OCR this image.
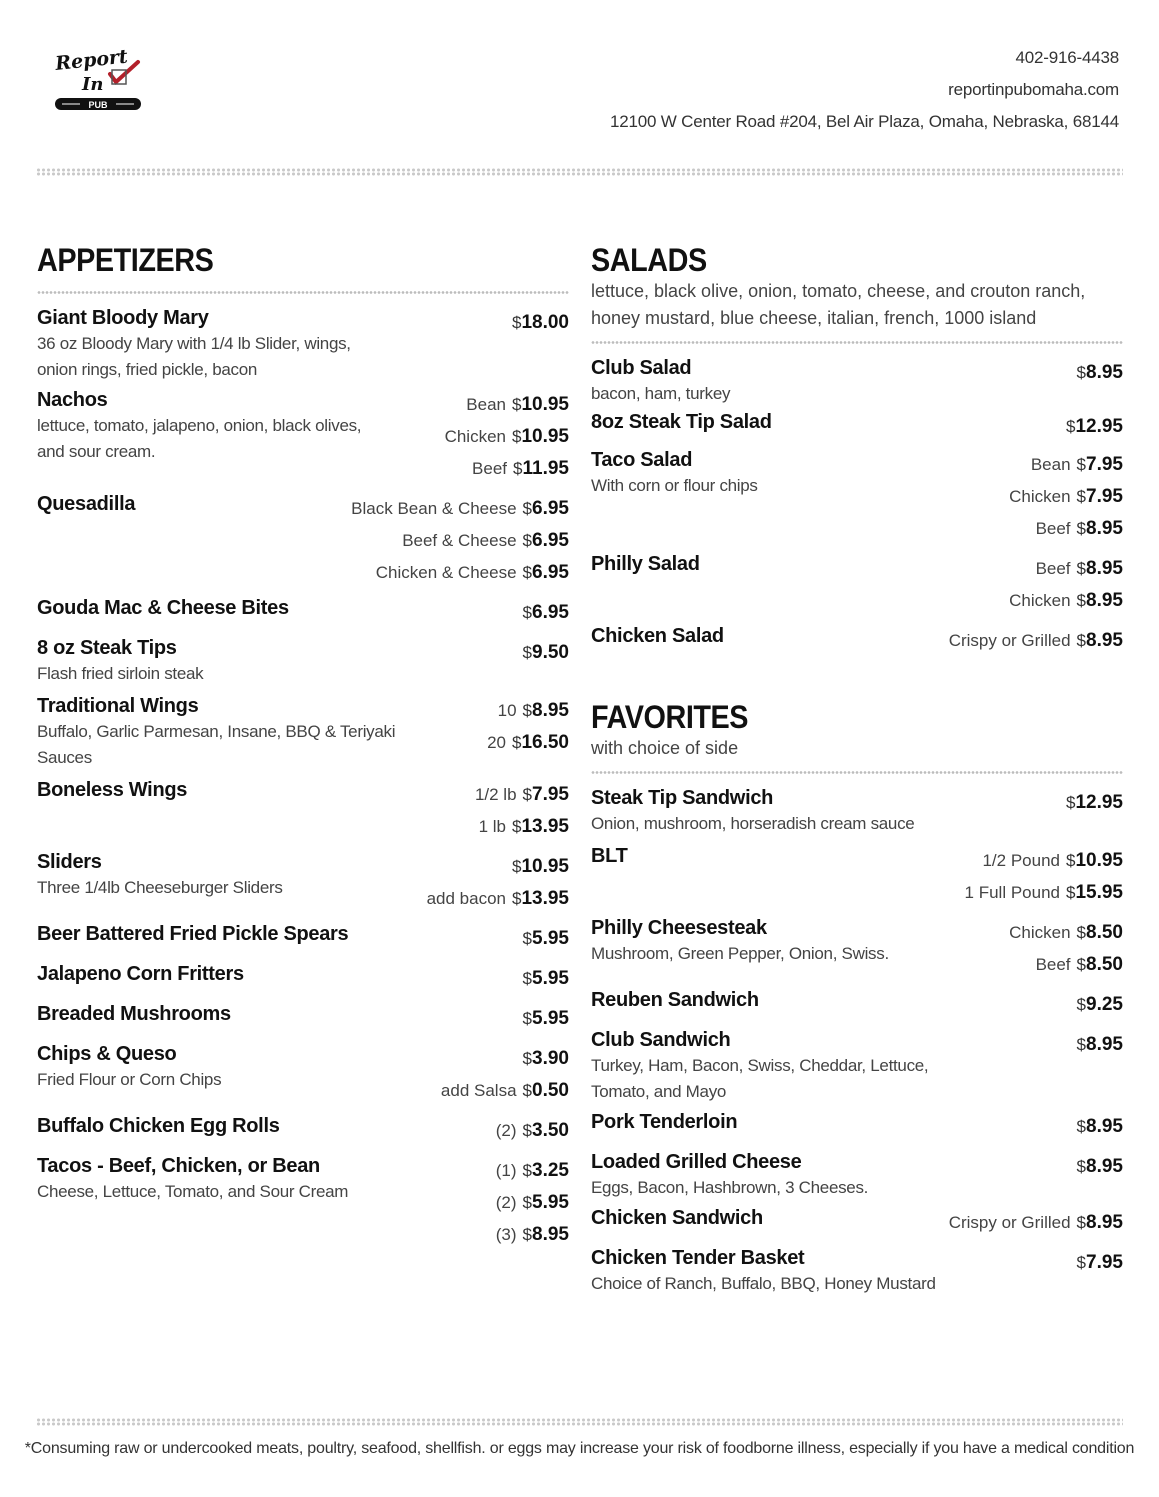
Report
In
PUB
402-916-4438
reportinpubomaha.com
12100 W Center Road #204, Bel Air Plaza, Omaha, Nebraska, 68144
APPETIZERS
Giant Bloody Mary
36 oz Bloody Mary with 1/4 lb Slider, wings,
onion rings, fried pickle, bacon
$18.00
Nachos
lettuce, tomato, jalapeno, onion, black olives,
and sour cream.
Bean $10.95
Chicken $10.95
Beef $11.95
Quesadilla	Black Bean & Cheese $6.95
Beef & Cheese $6.95
Chicken & Cheese $6.95
Gouda Mac & Cheese Bites	$6.95
8 oz Steak Tips
Flash fried sirloin steak
$9.50
Traditional Wings
Buffalo, Garlic Parmesan, Insane, BBQ & Teriyaki
Sauces
10 $8.95
20 $16.50
Boneless Wings	1/2 lb $7.95
1 lb $13.95
Sliders
Three 1/4lb Cheeseburger Sliders
$10.95
add bacon $13.95
Beer Battered Fried Pickle Spears	$5.95
Jalapeno Corn Fritters	$5.95
Breaded Mushrooms	$5.95
Chips & Queso
Fried Flour or Corn Chips
$3.90
add Salsa $0.50
Buffalo Chicken Egg Rolls	(2) $3.50
Tacos - Beef, Chicken, or Bean
Cheese, Lettuce, Tomato, and Sour Cream
(1) $3.25
(2) $5.95
(3) $8.95
SALADS
lettuce, black olive, onion, tomato, cheese, and crouton ranch, honey mustard, blue cheese, italian, french, 1000 island
Club Salad
bacon, ham, turkey
$8.95
8oz Steak Tip Salad	$12.95
Taco Salad
With corn or flour chips
Bean $7.95
Chicken $7.95
Beef $8.95
Philly Salad	Beef $8.95
Chicken $8.95
Chicken Salad	Crispy or Grilled $8.95
FAVORITES
with choice of side
Steak Tip Sandwich
Onion, mushroom, horseradish cream sauce
$12.95
BLT	1/2 Pound $10.95
1 Full Pound $15.95
Philly Cheesesteak
Mushroom, Green Pepper, Onion, Swiss.
Chicken $8.50
Beef $8.50
Reuben Sandwich	$9.25
Club Sandwich
Turkey, Ham, Bacon, Swiss, Cheddar, Lettuce,
Tomato, and Mayo
$8.95
Pork Tenderloin	$8.95
Loaded Grilled Cheese
Eggs, Bacon, Hashbrown, 3 Cheeses.
$8.95
Chicken Sandwich	Crispy or Grilled $8.95
Chicken Tender Basket
Choice of Ranch, Buffalo, BBQ, Honey Mustard
$7.95
*Consuming raw or undercooked meats, poultry, seafood, shellfish. or eggs may increase your risk of foodborne illness, especially if you have a medical condition
